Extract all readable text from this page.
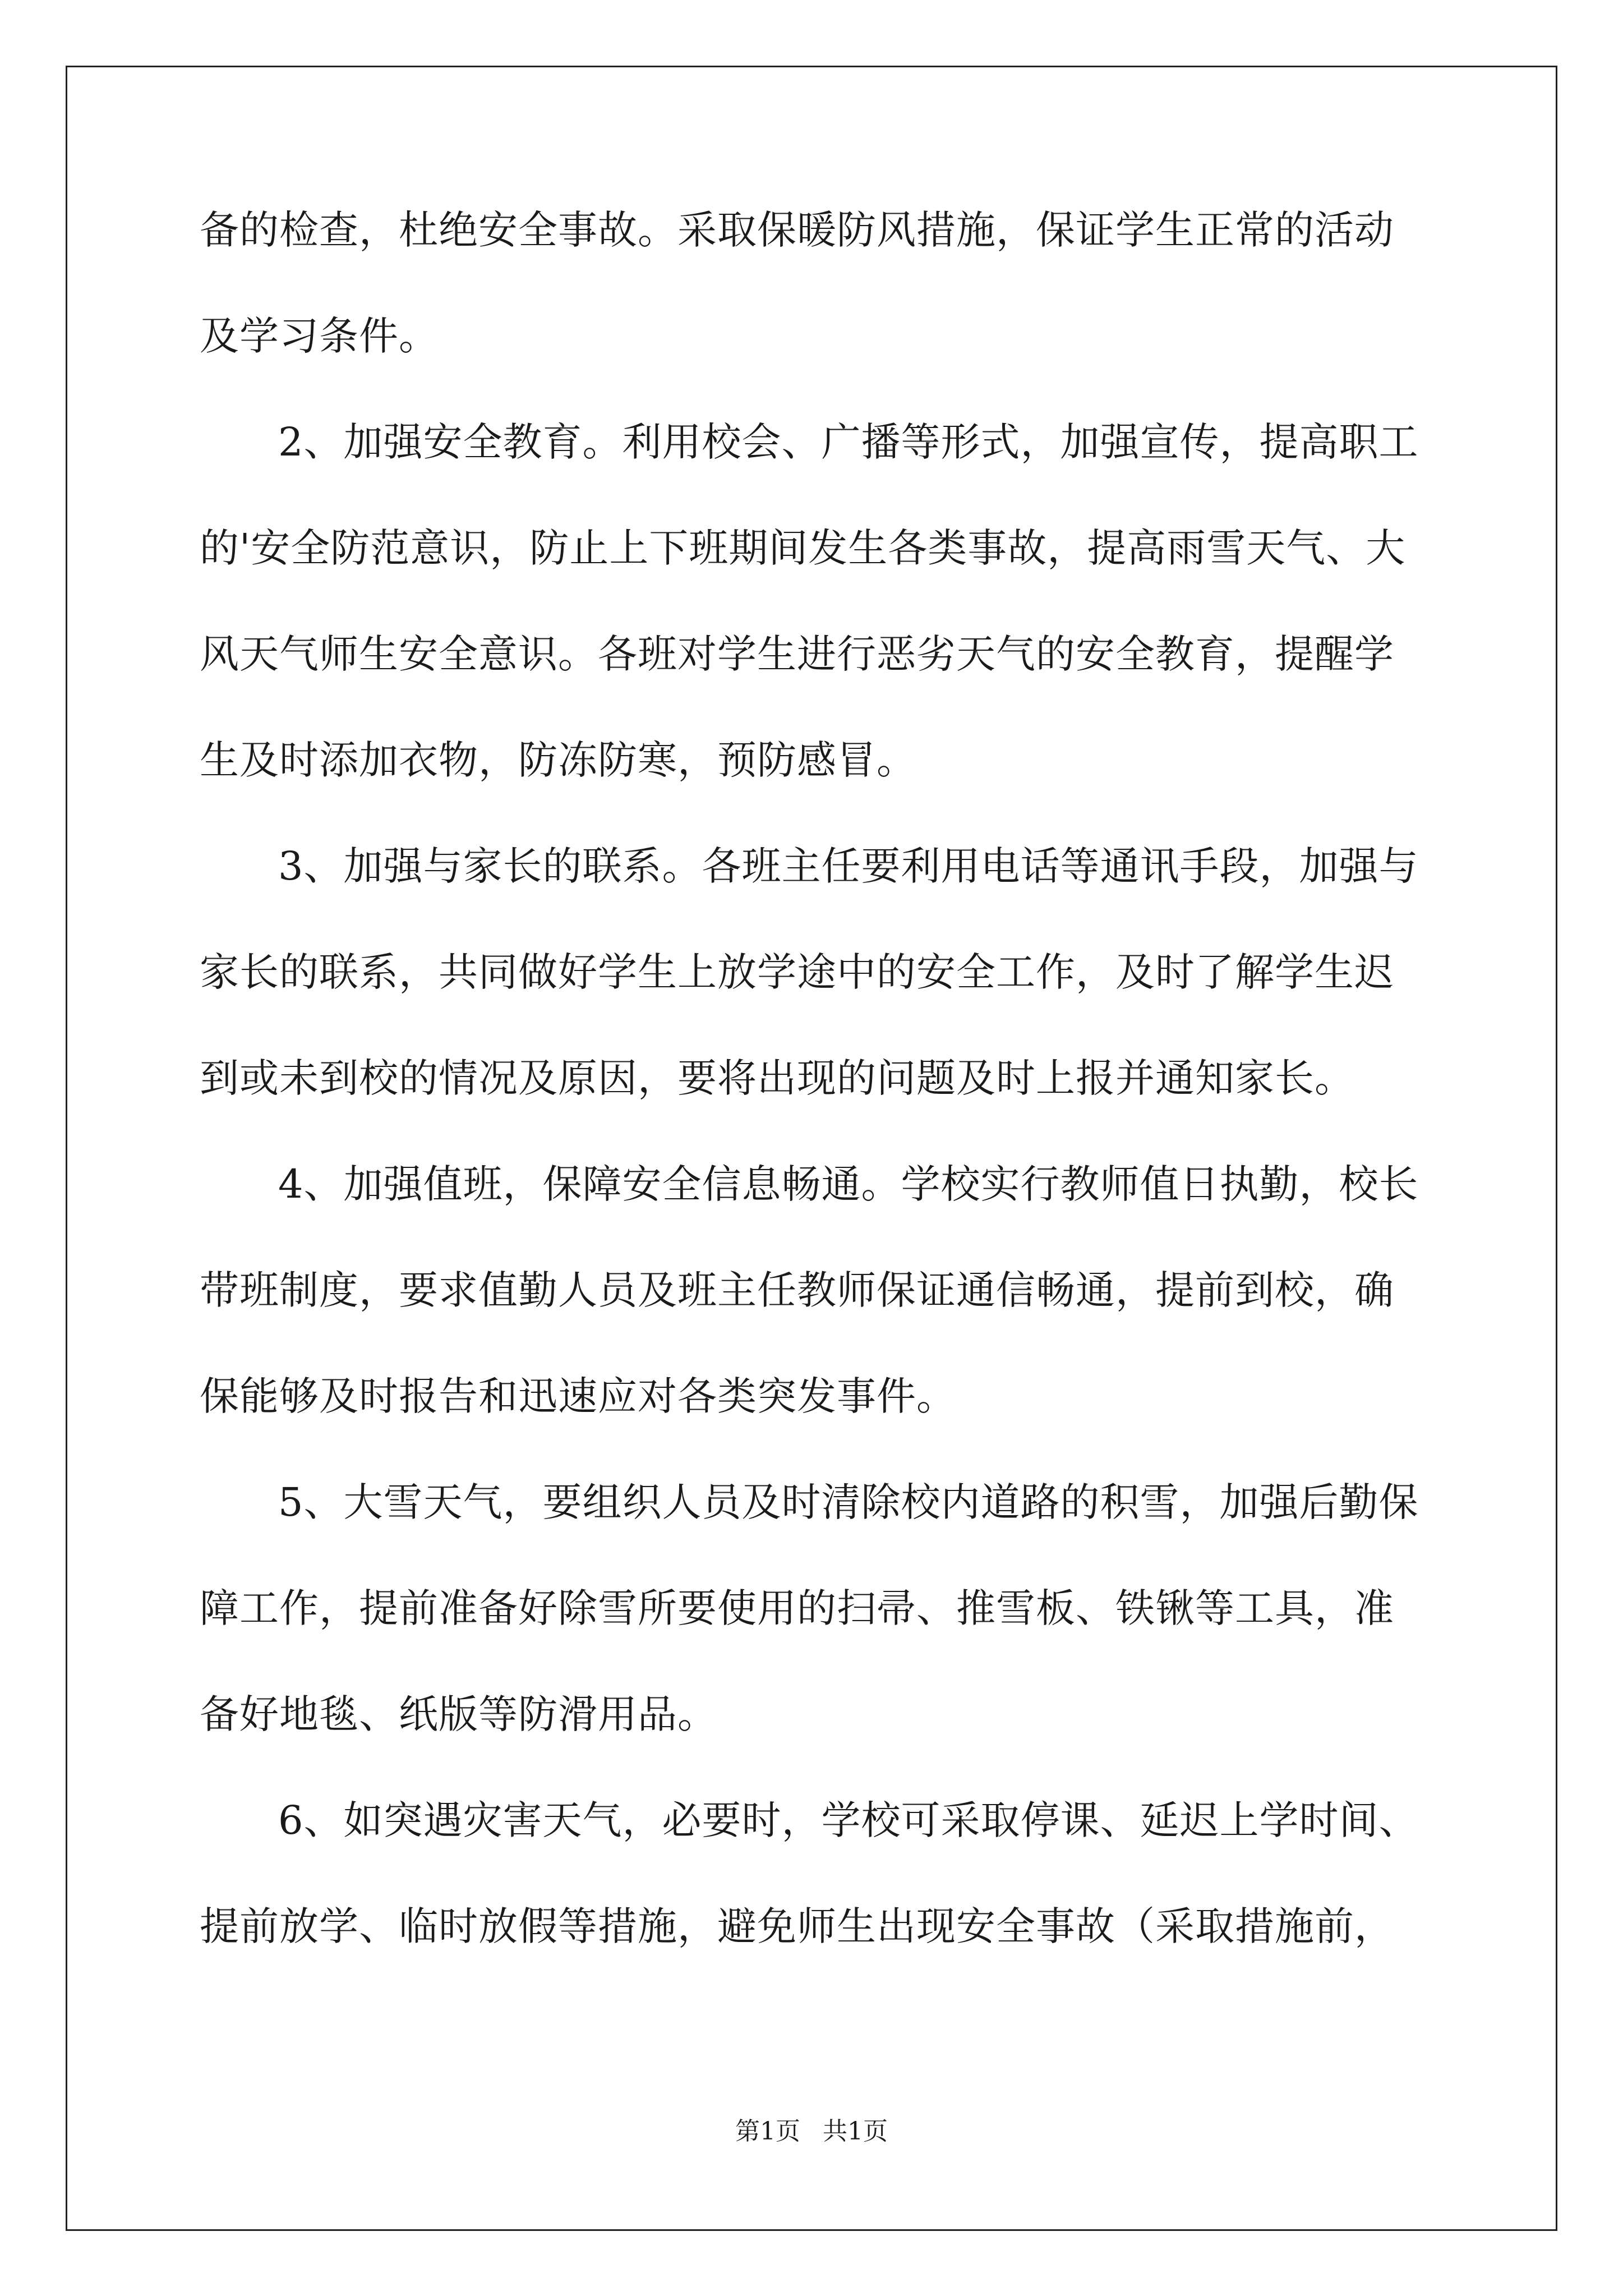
备的检查，杜绝安全事故。采取保暖防风措施，保证学生正常的活动
及学习条件。
2、加强安全教育。利用校会、广播等形式，加强宣传，提高职工
的'安全防范意识，防止上下班期间发生各类事故，提高雨雪天气、大
风天气师生安全意识。各班对学生进行恶劣天气的安全教育，提醒学
生及时添加衣物，防冻防寒，预防感冒。
3、加强与家长的联系。各班主任要利用电话等通讯手段，加强与
家长的联系，共同做好学生上放学途中的安全工作，及时了解学生迟
到或未到校的情况及原因，要将出现的问题及时上报并通知家长。
4、加强值班，保障安全信息畅通。学校实行教师值日执勤，校长
带班制度，要求值勤人员及班主任教师保证通信畅通，提前到校，确
保能够及时报告和迅速应对各类突发事件。
5、大雪天气，要组织人员及时清除校内道路的积雪，加强后勤保
障工作，提前准备好除雪所要使用的扫帚、推雪板、铁锹等工具，准
备好地毯、纸版等防滑用品。
6、如突遇灾害天气，必要时，学校可采取停课、延迟上学时间、
提前放学、临时放假等措施，避免师生出现安全事故（采取措施前，
第1页 共1页
